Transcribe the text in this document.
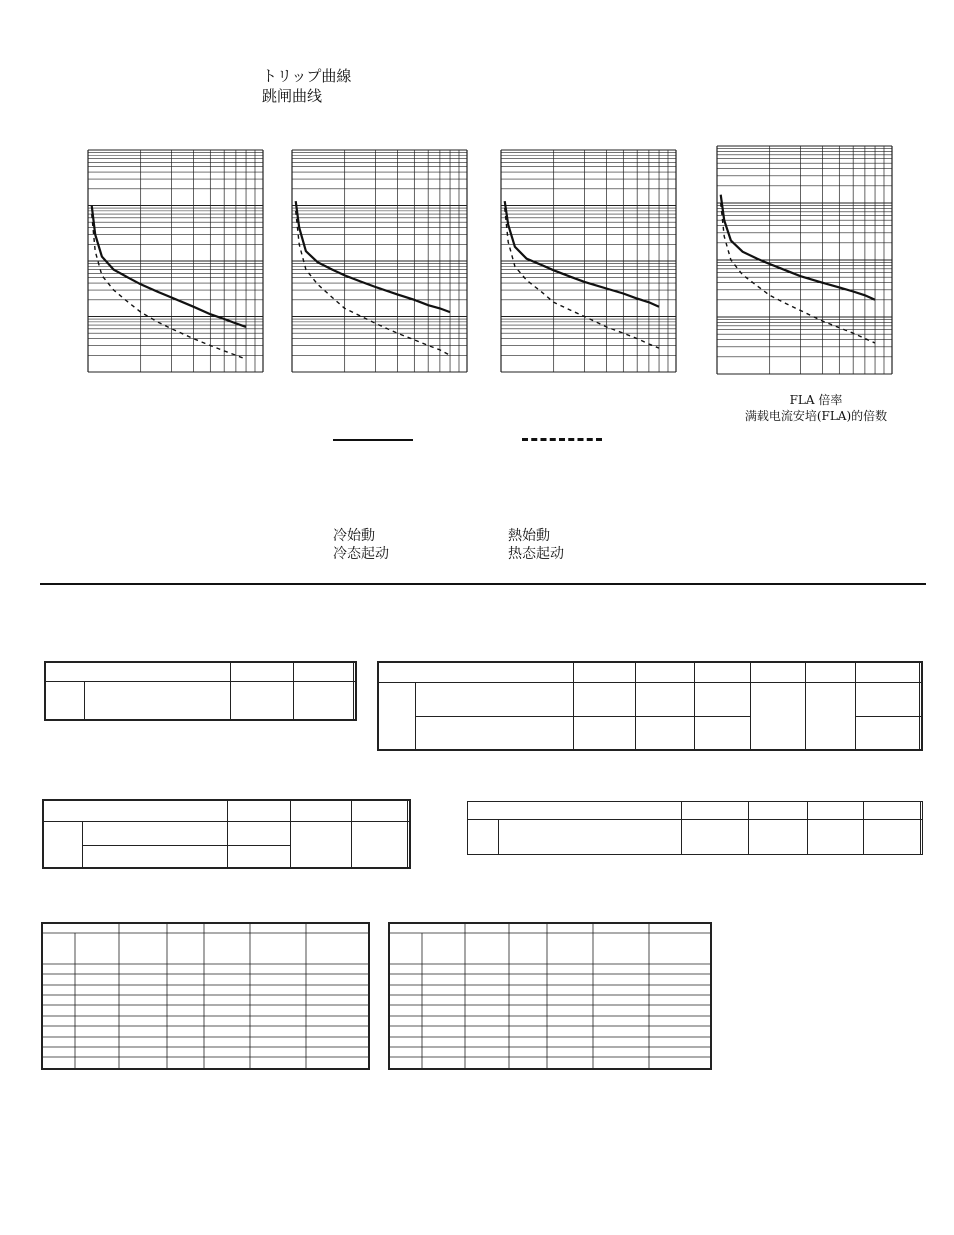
トリップ曲線
跳闸曲线
FLA 倍率
满载电流安培(FLA)的倍数
冷始動
冷态起动
熱始動
热态起动
